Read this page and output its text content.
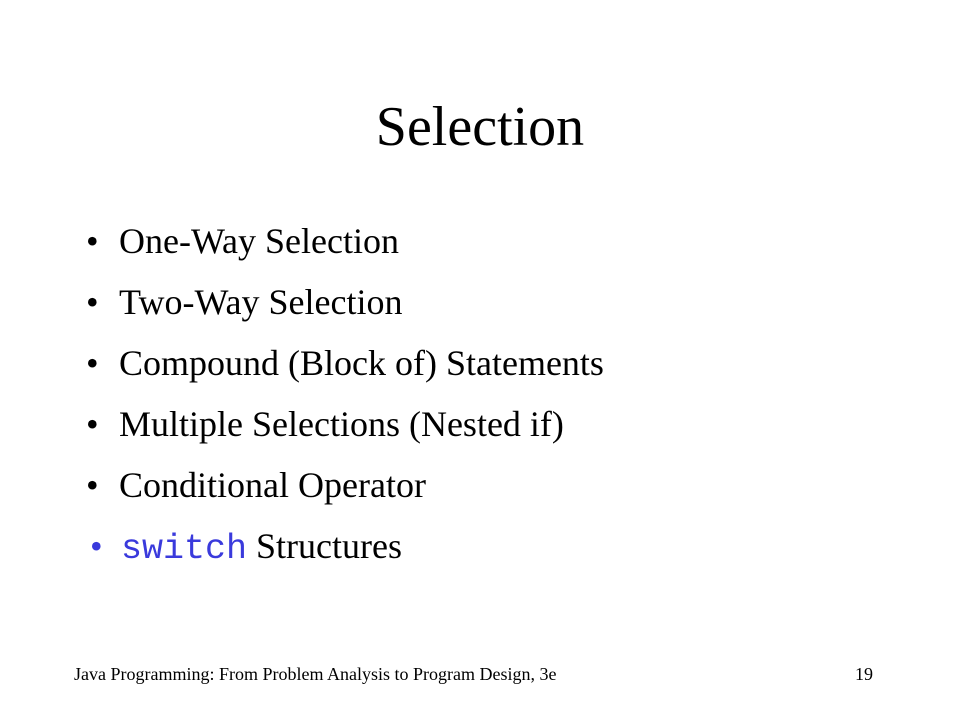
Selection
• One-Way Selection
• Two-Way Selection
• Compound (Block of) Statements
• Multiple Selections (Nested if)
• Conditional Operator
• switch Structures
Java Programming: From Problem Analysis to Program Design, 3e	19
